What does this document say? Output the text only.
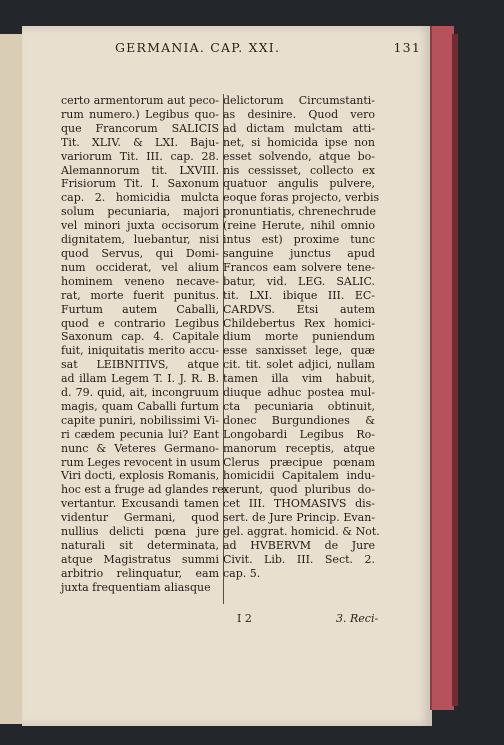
GERMANIA. CAP. XXI.	131
certo armentorum aut peco-
rum numero.) Legibus quo-
que Francorum SALICIS
Tit. XLIV. & LXI. Baju-
variorum Tit. III. cap. 28.
Alemannorum tit. LXVIII.
Frisiorum Tit. I. Saxonum
cap. 2. homicidia mulcta
solum pecuniaria, majori
vel minori juxta occisorum
dignitatem, luebantur, nisi
quod Servus, qui Domi-
num occiderat, vel alium
hominem veneno necave-
rat, morte fuerit punitus.
Furtum autem Caballi,
quod e contrario Legibus
Saxonum cap. 4. Capitale
fuit, iniquitatis merito accu-
sat LEIBNITIVS, atque
ad illam Legem T. I. J. R. B.
d. 79. quid, ait, incongruum
magis, quam Caballi furtum
capite puniri, nobilissimi Vi-
ri cædem pecunia lui? Eant
nunc & Veteres Germano-
rum Leges revocent in usum
Viri docti, explosis Romanis,
hoc est a fruge ad glandes re-
vertantur. Excusandi tamen
videntur Germani, quod
nullius delicti pœna jure
naturali sit determinata,
atque Magistratus summi
arbitrio relinquatur, eam
juxta frequentiam aliasque
delictorum Circumstanti-
as desinire. Quod vero
ad dictam mulctam atti-
net, si homicida ipse non
esset solvendo, atque bo-
nis cessisset, collecto ex
quatuor angulis pulvere,
eoque foras projecto, verbis
pronuntiatis, chrenechrude
(reine Herute, nihil omnio
intus est) proxime tunc
sanguine junctus apud
Francos eam solvere tene-
batur, vid. LEG. SALIC.
tit. LXI. ibique III. EC-
CARDVS. Etsi autem
Childebertus Rex homici-
dium morte puniendum
esse sanxisset lege, quæ
cit. tit. solet adjici, nullam
tamen illa vim habuit,
diuque adhuc postea mul-
cta pecuniaria obtinuit,
donec Burgundiones &
Longobardi Legibus Ro-
manorum receptis, atque
Clerus præcipue pœnam
homicidii Capitalem indu-
xerunt, quod pluribus do-
cet III. THOMASIVS dis-
sert. de Jure Princip. Evan-
gel. aggrat. homicid. & Not.
ad HVBERVM de Jure
Civit. Lib. III. Sect. 2.
cap. 5.
I 2	3. Reci-
